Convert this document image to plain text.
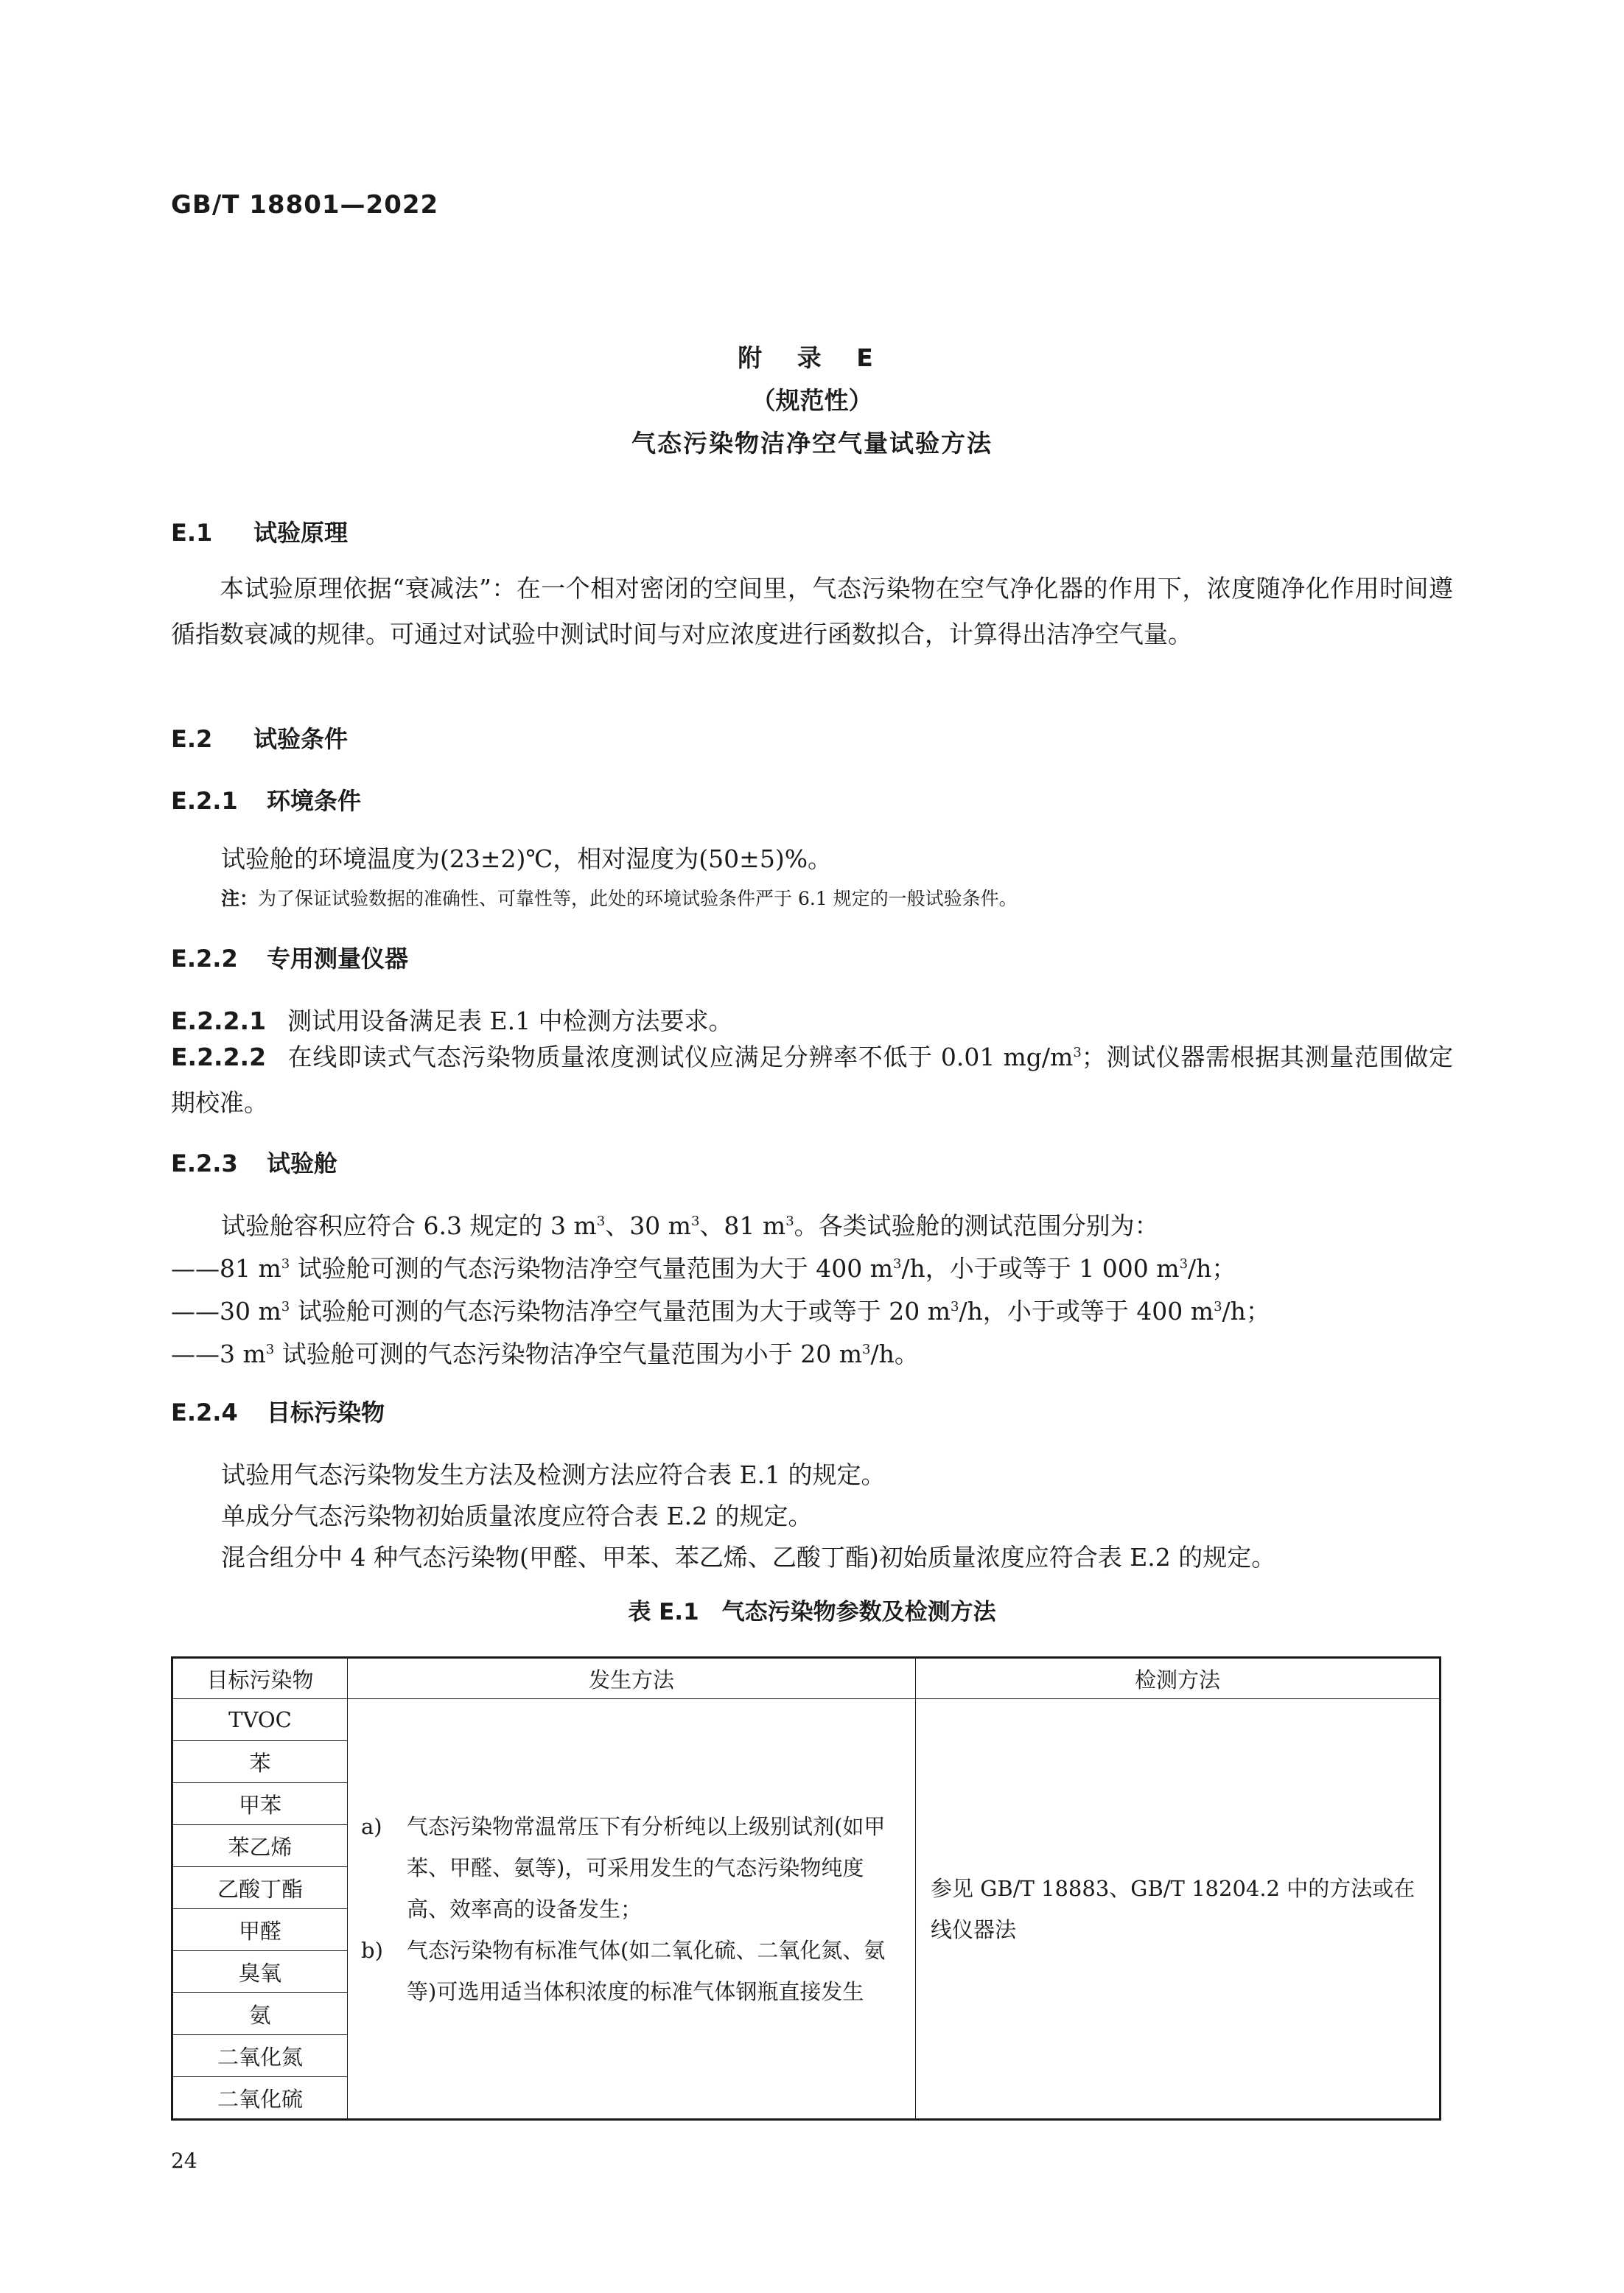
GB/T 18801—2022
附 录 E
（规范性）
气态污染物洁净空气量试验方法
E.1 试验原理
本试验原理依据“衰减法”：在一个相对密闭的空间里，气态污染物在空气净化器的作用下，浓度随净化作用时间遵循指数衰减的规律。可通过对试验中测试时间与对应浓度进行函数拟合，计算得出洁净空气量。
E.2 试验条件
E.2.1 环境条件
试验舱的环境温度为(23±2)℃，相对湿度为(50±5)%。
注：为了保证试验数据的准确性、可靠性等，此处的环境试验条件严于 6.1 规定的一般试验条件。
E.2.2 专用测量仪器
E.2.2.1 测试用设备满足表 E.1 中检测方法要求。
E.2.2.2 在线即读式气态污染物质量浓度测试仪应满足分辨率不低于 0.01 $mg/m^3$；测试仪器需根据其测量范围做定期校准。
E.2.3 试验舱
试验舱容积应符合 6.3 规定的 3 $m^3$、30 $m^3$、81 $m^3$。各类试验舱的测试范围分别为：
——81 $m^3$ 试验舱可测的气态污染物洁净空气量范围为大于 400 $m^3/h$，小于或等于 1 000 $m^3/h$；
——30 $m^3$ 试验舱可测的气态污染物洁净空气量范围为大于或等于 20 $m^3/h$，小于或等于 400 $m^3/h$；
——3 $m^3$ 试验舱可测的气态污染物洁净空气量范围为小于 20 $m^3/h$。
E.2.4 目标污染物
试验用气态污染物发生方法及检测方法应符合表 E.1 的规定。
单成分气态污染物初始质量浓度应符合表 E.2 的规定。
混合组分中 4 种气态污染物(甲醛、甲苯、苯乙烯、乙酸丁酯)初始质量浓度应符合表 E.2 的规定。
表 E.1　气态污染物参数及检测方法
目标污染物	发生方法	检测方法
TVOC	a) 气态污染物常温常压下有分析纯以上级别试剂(如甲苯、甲醛、氨等)，可采用发生的气态污染物纯度高、效率高的设备发生；
b) 气态污染物有标准气体(如二氧化硫、二氧化氮、氨等)可选用适当体积浓度的标准气体钢瓶直接发生	参见 GB/T 18883、GB/T 18204.2 中的方法或在线仪器法
苯		
甲苯		
苯乙烯		
乙酸丁酯		
甲醛		
臭氧		
氨		
二氧化氮		
二氧化硫		
24
